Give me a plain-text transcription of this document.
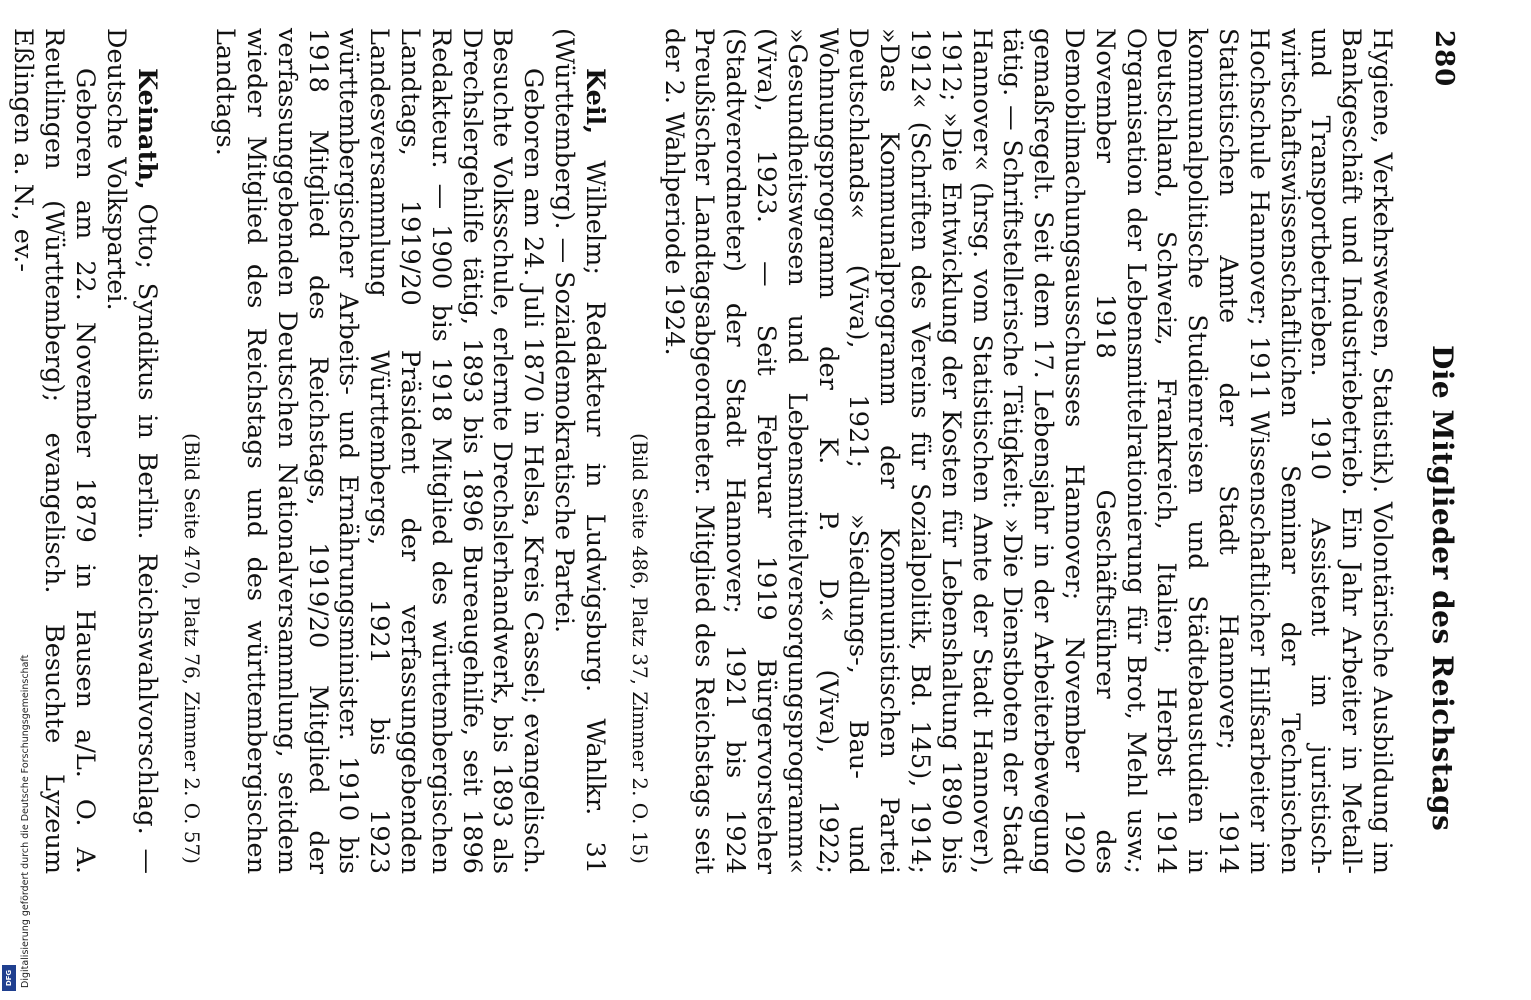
280
Die Mitglieder des Reichstags

Hygiene, Verkehrswesen, Statistik). Volontärische Ausbildung im Bankgeschäft und Industriebetrieb. Ein Jahr Arbeiter in Metall- und Transportbetrieben. 1910 Assistent im juristisch-wirtschaftswissenschaftlichen Seminar der Technischen Hochschule Hannover; 1911 Wissenschaftlicher Hilfsarbeiter im Statistischen Amte der Stadt Hannover; 1914 kommunalpolitische Studienreisen und Städtebaustudien in Deutschland, Schweiz, Frankreich, Italien; Herbst 1914 Organisation der Lebensmittelrationierung für Brot, Mehl usw.; November 1918 Geschäftsführer des Demobilmachungsausschusses Hannover; November 1920 gemaßregelt. Seit dem 17. Lebensjahr in der Arbeiterbewegung tätig. — Schriftstellerische Tätigkeit: »Die Dienstboten der Stadt Hannover« (hrsg. vom Statistischen Amte der Stadt Hannover), 1912; »Die Entwicklung der Kosten für Lebenshaltung 1890 bis 1912« (Schriften des Vereins für Sozialpolitik, Bd. 145), 1914; »Das Kommunalprogramm der Kommunistischen Partei Deutschlands« (Viva), 1921; »Siedlungs-, Bau- und Wohnungsprogramm der K. P. D.« (Viva), 1922; »Gesundheitswesen und Lebensmittelversorgungsprogramm« (Viva), 1923. — Seit Februar 1919 Bürgervorsteher (Stadtverordneter) der Stadt Hannover; 1921 bis 1924 Preußischer Landtagsabgeordneter. Mitglied des Reichstags seit der 2. Wahlperiode 1924.

(Bild Seite 486, Platz 37, Zimmer 2. O. 15)

Keil, Wilhelm; Redakteur in Ludwigsburg. Wahlkr. 31 (Württemberg). — Sozialdemokratische Partei.

Geboren am 24. Juli 1870 in Helsa, Kreis Cassel; evangelisch. Besuchte Volksschule, erlernte Drechslerhandwerk, bis 1893 als Drechslergehilfe tätig, 1893 bis 1896 Bureaugehilfe, seit 1896 Redakteur. — 1900 bis 1918 Mitglied des württembergischen Landtags, 1919/20 Präsident der verfassunggebenden Landesversammlung Württembergs, 1921 bis 1923 württembergischer Arbeits- und Ernährungsminister. 1910 bis 1918 Mitglied des Reichstags, 1919/20 Mitglied der verfassunggebenden Deutschen Nationalversammlung, seitdem wieder Mitglied des Reichstags und des württembergischen Landtags.

(Bild Seite 470, Platz 76, Zimmer 2. O. 57)

Keinath, Otto; Syndikus in Berlin. Reichswahlvorschlag. — Deutsche Volkspartei.

Geboren am 22. November 1879 in Hausen a/L. O. A. Reutlingen (Württemberg); evangelisch. Besuchte Lyzeum Eßlingen a. N., ev.-

Digitalisierung gefördert durch die Deutsche Forschungsgemeinschaft
DFG
